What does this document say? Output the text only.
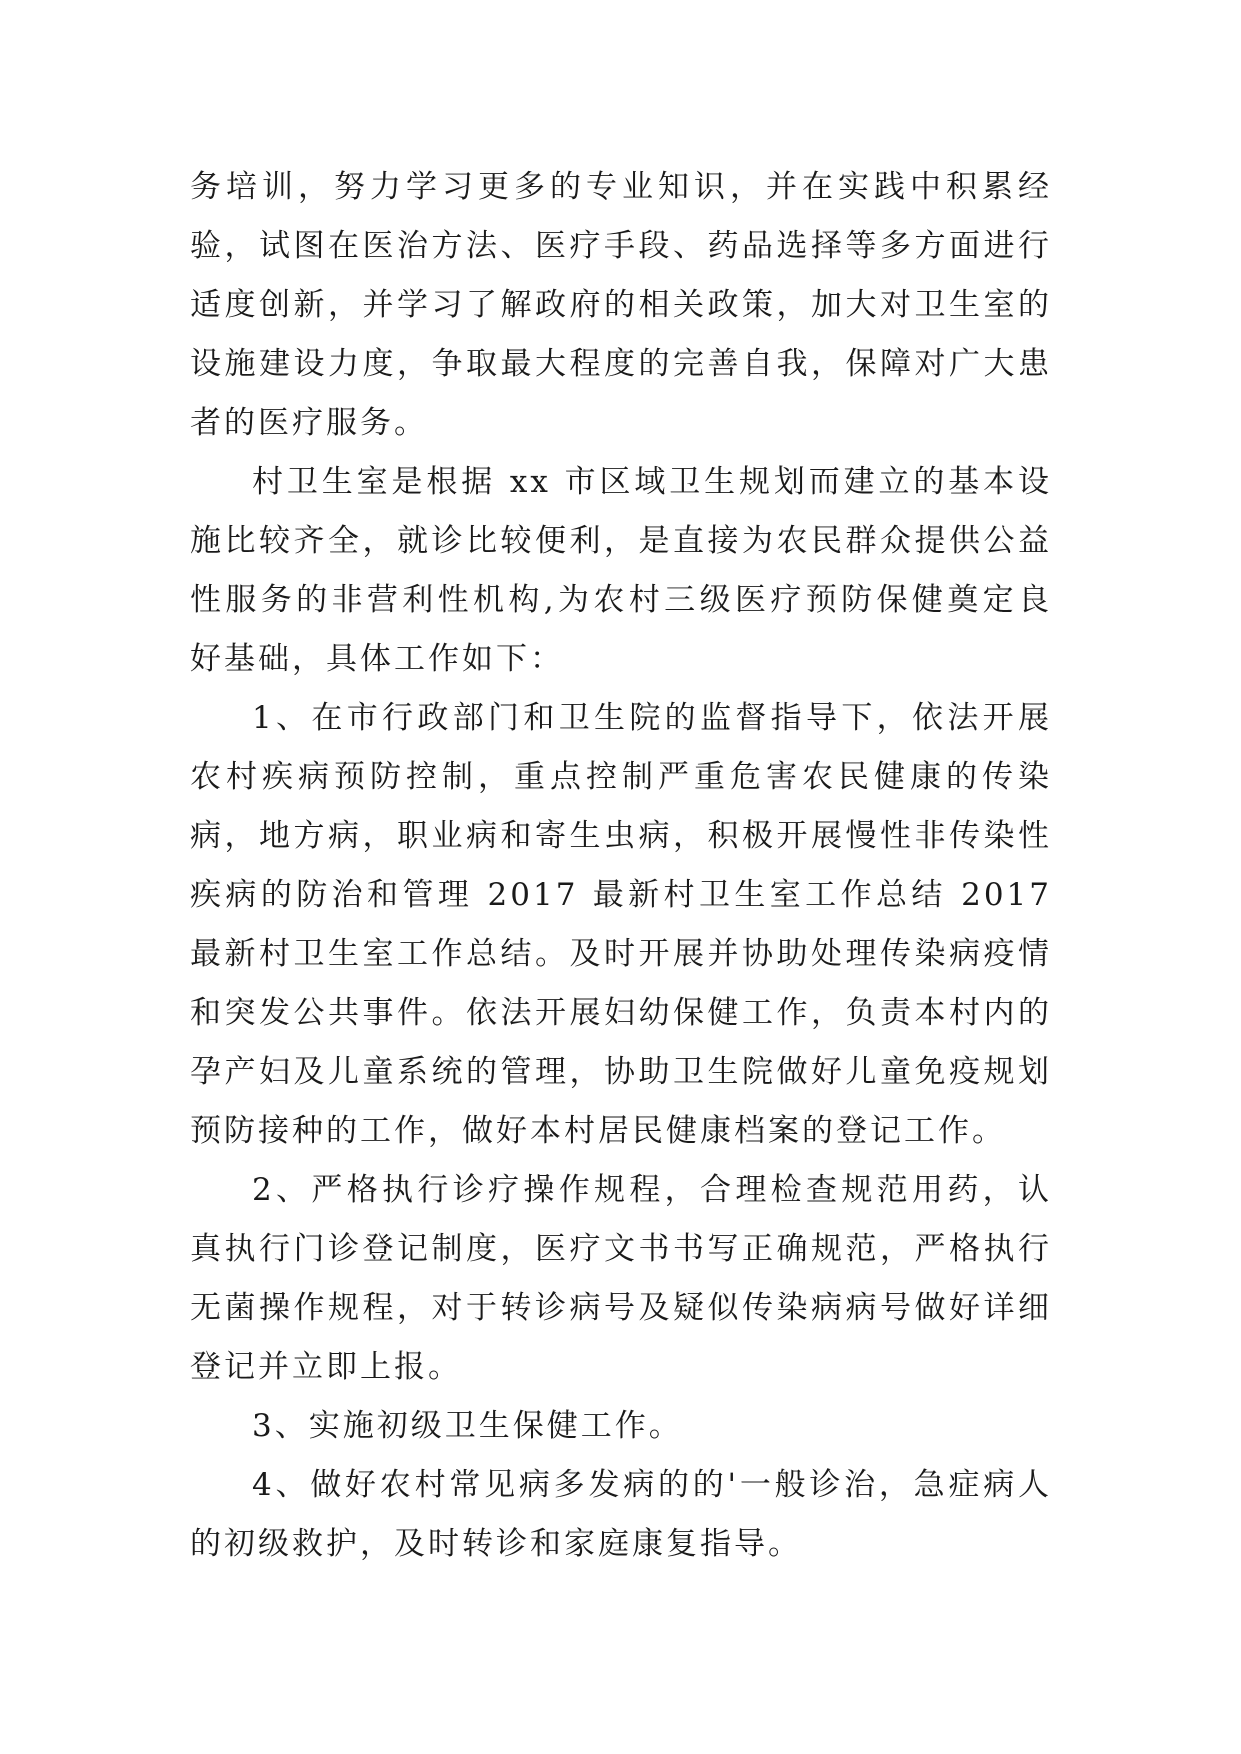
务培训，努力学习更多的专业知识，并在实践中积累经验，试图在医治方法、医疗手段、药品选择等多方面进行适度创新，并学习了解政府的相关政策，加大对卫生室的设施建设力度，争取最大程度的完善自我，保障对广大患者的医疗服务。

村卫生室是根据 xx 市区域卫生规划而建立的基本设施比较齐全，就诊比较便利，是直接为农民群众提供公益性服务的非营利性机构,为农村三级医疗预防保健奠定良好基础，具体工作如下：

1、在市行政部门和卫生院的监督指导下，依法开展农村疾病预防控制，重点控制严重危害农民健康的传染病，地方病，职业病和寄生虫病，积极开展慢性非传染性疾病的防治和管理 2017 最新村卫生室工作总结 2017 最新村卫生室工作总结。及时开展并协助处理传染病疫情和突发公共事件。依法开展妇幼保健工作，负责本村内的孕产妇及儿童系统的管理，协助卫生院做好儿童免疫规划预防接种的工作，做好本村居民健康档案的登记工作。

2、严格执行诊疗操作规程，合理检查规范用药，认真执行门诊登记制度，医疗文书书写正确规范，严格执行无菌操作规程，对于转诊病号及疑似传染病病号做好详细登记并立即上报。

3、实施初级卫生保健工作。

4、做好农村常见病多发病的的'一般诊治，急症病人的初级救护，及时转诊和家庭康复指导。
